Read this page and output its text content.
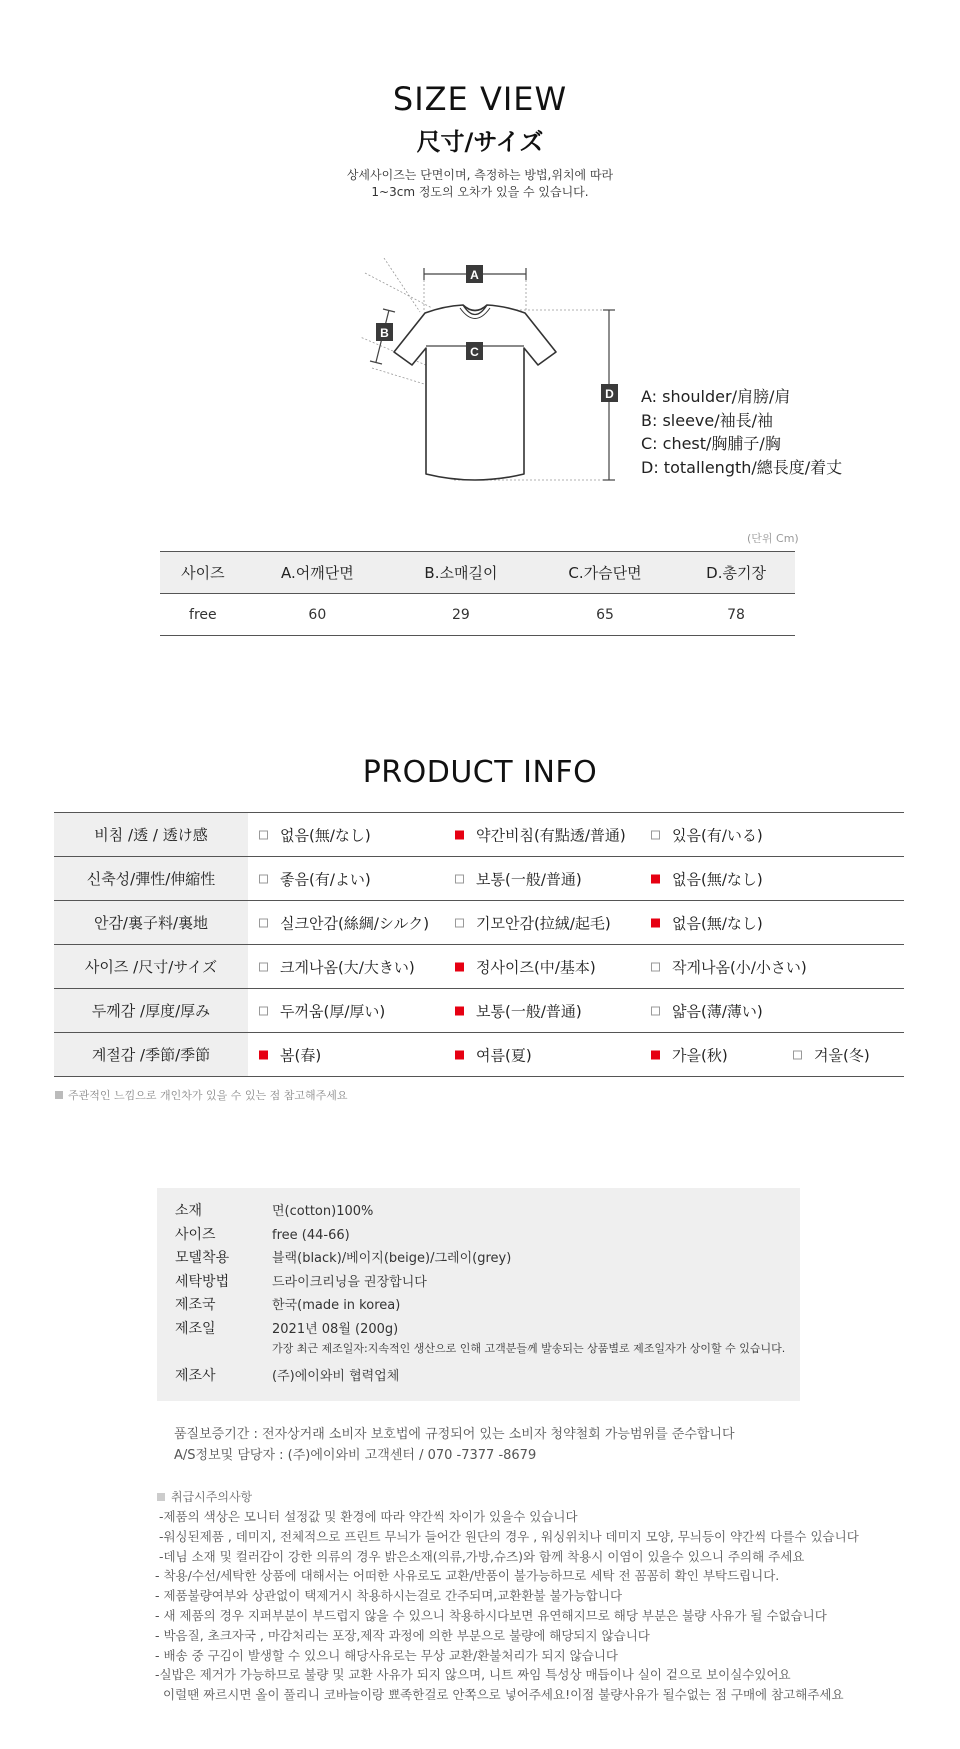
SIZE VIEW
尺寸/サイズ
상세사이즈는 단면이며, 측정하는 방법,위치에 따라
1~3cm 정도의 오차가 있을 수 있습니다.
A
B
C
D A: shoulder/肩膀/肩
B: sleeve/袖長/袖
C: chest/胸脯子/胸
D: totallength/總長度/着丈
(단위 Cm)
사이즈	A.어깨단면	B.소매길이	C.가슴단면	D.총기장
free	60	29	65	78
PRODUCT INFO
비침 /透 / 透け感	없음(無/なし) 약간비침(有點透/普通) 있음(有/いる)

신축성/彈性/伸縮性	좋음(有/よい) 보통(一般/普通) 없음(無/なし)

안감/裏子料/裏地	실크안감(絲綢/シルク) 기모안감(拉絨/起毛) 없음(無/なし)

사이즈 /尺寸/サイズ	크게나옴(大/大きい) 정사이즈(中/基本) 작게나옴(小/小さい)

두께감 /厚度/厚み	두꺼움(厚/厚い) 보통(一般/普通) 얇음(薄/薄い)

계절감 /季節/季節	봄(春) 여름(夏) 가을(秋) 겨울(冬)
주관적인 느낌으로 개인차가 있을 수 있는 점 참고해주세요
소재	면(cotton)100%
사이즈	free (44-66)
모델착용	블랙(black)/베이지(beige)/그레이(grey)
세탁방법	드라이크리닝을 권장합니다
제조국	한국(made in korea)
제조일	2021년 08월 (200g)
가장 최근 제조일자:지속적인 생산으로 인해 고객분들께 발송되는 상품별로 제조일자가 상이할 수 있습니다.
제조사	(주)에이와비 협력업체
품질보증기간 : 전자상거래 소비자 보호법에 규정되어 있는 소비자 청약철회 가능범위를 준수합니다
A/S정보및 담당자 : (주)에이와비 고객센터 / 070 -7377 -8679
취급시주의사항
-제품의 색상은 모니터 설정값 및 환경에 따라 약간씩 차이가 있을수 있습니다
-워싱된제품 , 데미지, 전체적으로 프린트 무늬가 들어간 원단의 경우 , 워싱위치나 데미지 모양, 무늬등이 약간씩 다를수 있습니다
-데님 소재 및 컬러감이 강한 의류의 경우 밝은소재(의류,가방,슈즈)와 함께 착용시 이염이 있을수 있으니 주의해 주세요
- 착용/수선/세탁한 상품에 대해서는 어떠한 사유로도 교환/반품이 불가능하므로 세탁 전 꼼꼼히 확인 부탁드립니다.
- 제품불량여부와 상관없이 택제거시 착용하시는걸로 간주되며,교환환불 불가능합니다
- 새 제품의 경우 지퍼부분이 부드럽지 않을 수 있으니 착용하시다보면 유연해지므로 해당 부분은 불량 사유가 될 수없습니다
- 박음질, 초크자국 , 마감처리는 포장,제작 과정에 의한 부분으로 불량에 해당되지 않습니다
- 배송 중 구김이 발생할 수 있으니 해당사유로는 무상 교환/환불처리가 되지 않습니다
-실밥은 제거가 가능하므로 불량 및 교환 사유가 되지 않으며, 니트 짜임 특성상 매듭이나 실이 겉으로 보이실수있어요
이럴땐 짜르시면 올이 풀리니 코바늘이랑 뾰족한걸로 안쪽으로 넣어주세요!이점 불량사유가 될수없는 점 구매에 참고해주세요
